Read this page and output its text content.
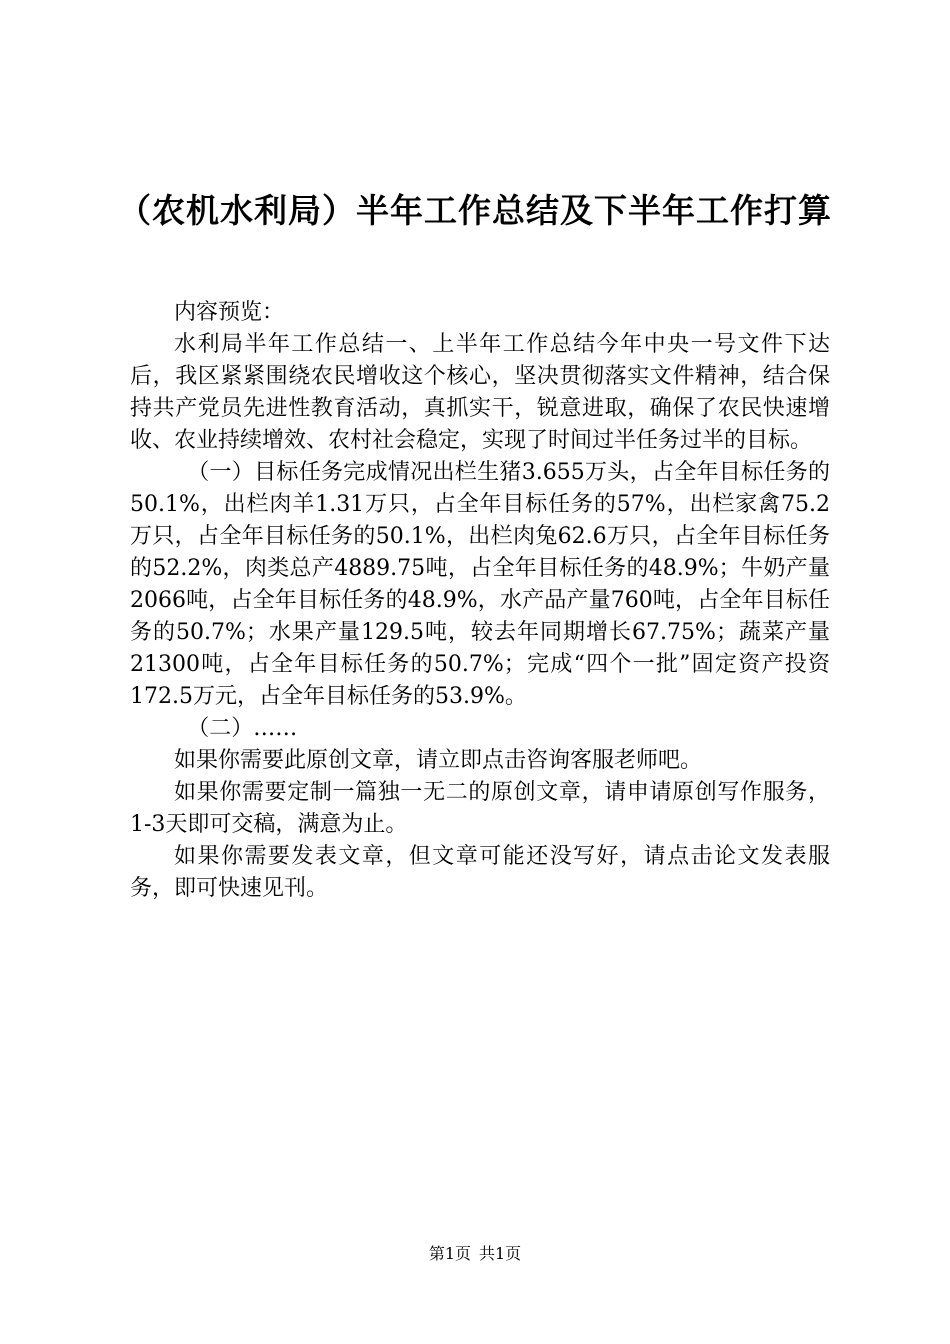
（农机水利局）半年工作总结及下半年工作打算

内容预览：

水利局半年工作总结一、上半年工作总结今年中央一号文件下达后，我区紧紧围绕农民增收这个核心，坚决贯彻落实文件精神，结合保持共产党员先进性教育活动，真抓实干，锐意进取，确保了农民快速增收、农业持续增效、农村社会稳定，实现了时间过半任务过半的目标。

（一）目标任务完成情况出栏生猪3.655万头，占全年目标任务的50.1%，出栏肉羊1.31万只，占全年目标任务的57%，出栏家禽75.2万只，占全年目标任务的50.1%，出栏肉兔62.6万只，占全年目标任务的52.2%，肉类总产4889.75吨，占全年目标任务的48.9%；牛奶产量2066吨，占全年目标任务的48.9%，水产品产量760吨，占全年目标任务的50.7%；水果产量129.5吨，较去年同期增长67.75%；蔬菜产量21300吨，占全年目标任务的50.7%；完成“四个一批”固定资产投资172.5万元，占全年目标任务的53.9%。

（二）……

如果你需要此原创文章，请立即点击咨询客服老师吧。

如果你需要定制一篇独一无二的原创文章，请申请原创写作服务，1-3天即可交稿，满意为止。

如果你需要发表文章，但文章可能还没写好，请点击论文发表服务，即可快速见刊。

第1页 共1页
